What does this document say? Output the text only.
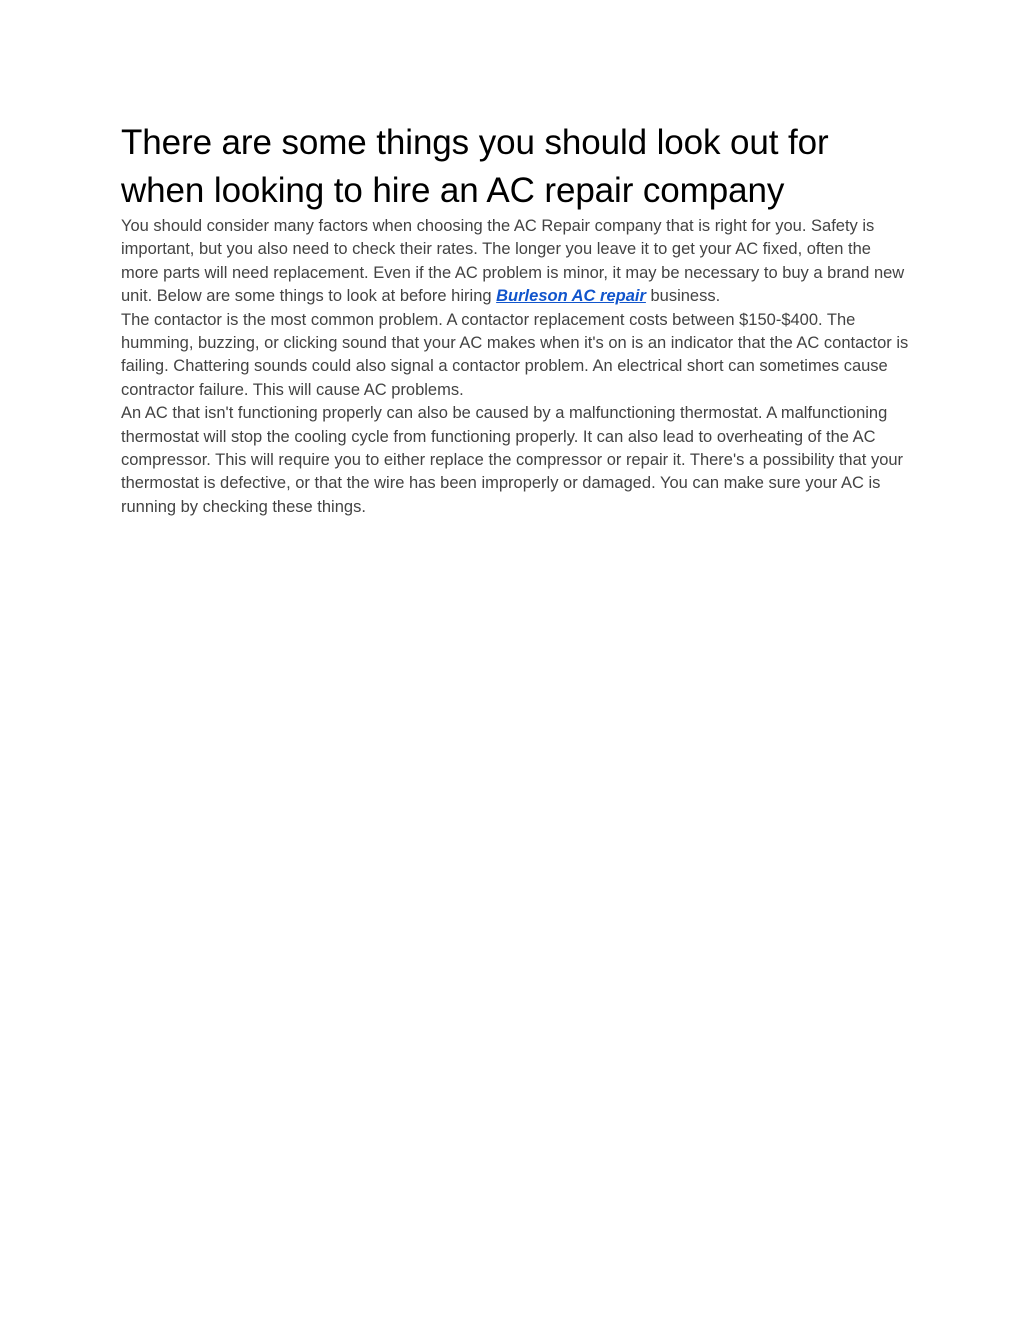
There are some things you should look out for when looking to hire an AC repair company

You should consider many factors when choosing the AC Repair company that is right for you. Safety is important, but you also need to check their rates. The longer you leave it to get your AC fixed, often the more parts will need replacement. Even if the AC problem is minor, it may be necessary to buy a brand new unit. Below are some things to look at before hiring Burleson AC repair business.

The contactor is the most common problem. A contactor replacement costs between $150-$400. The humming, buzzing, or clicking sound that your AC makes when it's on is an indicator that the AC contactor is failing. Chattering sounds could also signal a contactor problem. An electrical short can sometimes cause contractor failure. This will cause AC problems.

An AC that isn't functioning properly can also be caused by a malfunctioning thermostat. A malfunctioning thermostat will stop the cooling cycle from functioning properly. It can also lead to overheating of the AC compressor. This will require you to either replace the compressor or repair it. There's a possibility that your thermostat is defective, or that the wire has been improperly or damaged. You can make sure your AC is running by checking these things.
